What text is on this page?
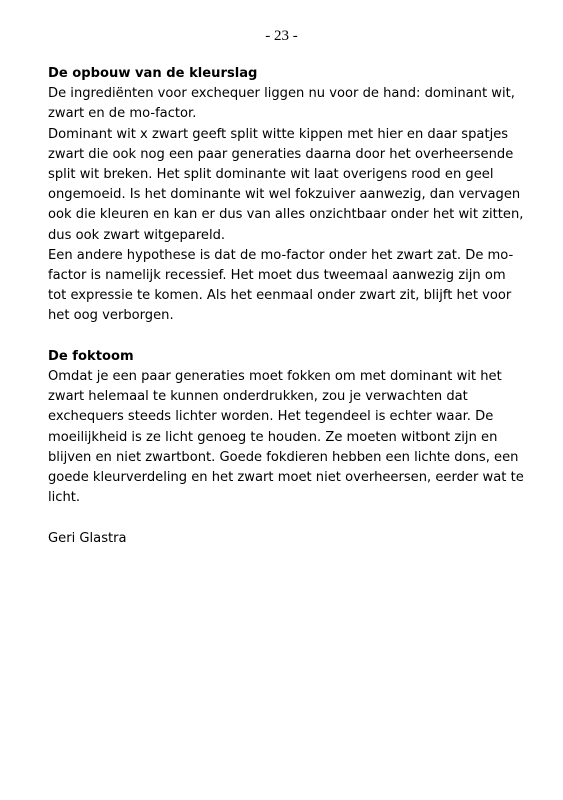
- 23 -

De opbouw van de kleurslag

De ingrediënten voor exchequer liggen nu voor de hand: dominant wit, zwart en de mo-factor.

Dominant wit x zwart geeft split witte kippen met hier en daar spatjes zwart die ook nog een paar generaties daarna door het overheersende split wit breken. Het split dominante wit laat overigens rood en geel ongemoeid. Is het dominante wit wel fokzuiver aanwezig, dan vervagen ook die kleuren en kan er dus van alles onzichtbaar onder het wit zitten, dus ook zwart witgepareld.

Een andere hypothese is dat de mo-factor onder het zwart zat. De mo-factor is namelijk recessief. Het moet dus tweemaal aanwezig zijn om tot expressie te komen. Als het eenmaal onder zwart zit, blijft het voor het oog verborgen.

De foktoom

Omdat je een paar generaties moet fokken om met dominant wit het zwart helemaal te kunnen onderdrukken, zou je verwachten dat exchequers steeds lichter worden. Het tegendeel is echter waar. De moeilijkheid is ze licht genoeg te houden. Ze moeten witbont zijn en blijven en niet zwartbont. Goede fokdieren hebben een lichte dons, een goede kleurverdeling en het zwart moet niet overheersen, eerder wat te licht.

Geri Glastra
